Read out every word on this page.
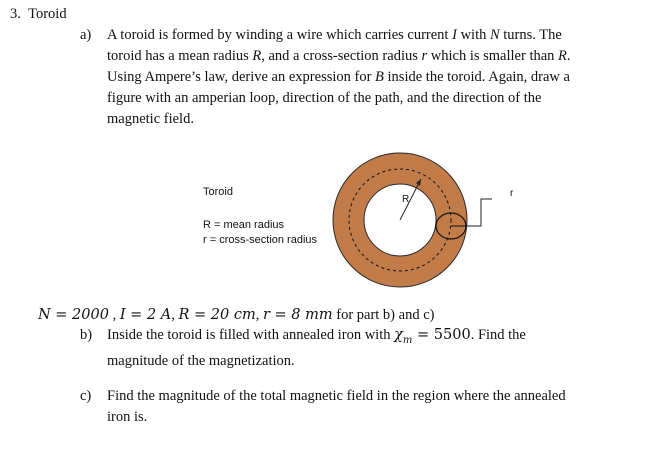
3. Toroid
a) A toroid is formed by winding a wire which carries current I with N turns. The
toroid has a mean radius R, and a cross-section radius r which is smaller than R.
Using Ampere’s law, derive an expression for B inside the toroid. Again, draw a
figure with an amperian loop, direction of the path, and the direction of the
magnetic field.
Toroid
R = mean radius
r = cross-section radius
R
r
N = 2000 , I = 2 A, R = 20 cm, r = 8 mm for part b) and c)
b) Inside the toroid is filled with annealed iron with $\chi_m = 5500$. Find the
magnitude of the magnetization.
c) Find the magnitude of the total magnetic field in the region where the annealed
iron is.
